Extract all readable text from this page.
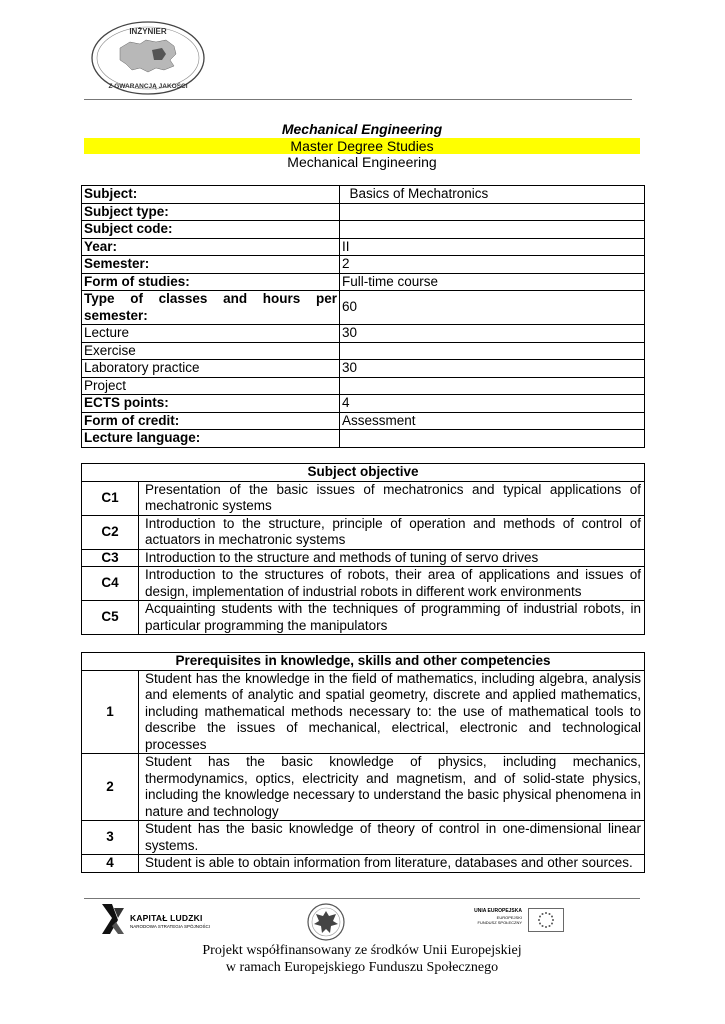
INŻYNIER
Z GWARANCJĄ JAKOŚCI
Mechanical Engineering
Master Degree Studies
Mechanical Engineering
Subject:	Basics of Mechatronics
Subject type:	
Subject code:	
Year:	II
Semester:	2
Form of studies:	Full-time course
Type of classes and hours per semester:	60
Lecture	30
Exercise	
Laboratory practice	30
Project	
ECTS points:	4
Form of credit:	Assessment
Lecture language:	
Subject objective	
C1	Presentation of the basic issues of mechatronics and typical applications of mechatronic systems
C2	Introduction to the structure, principle of operation and methods of control of actuators in mechatronic systems
C3	Introduction to the structure and methods of tuning of servo drives
C4	Introduction to the structures of robots, their area of applications and issues of design, implementation of industrial robots in different work environments
C5	Acquainting students with the techniques of programming of industrial robots, in particular programming the manipulators
Prerequisites in knowledge, skills and other competencies	
1	Student has the knowledge in the field of mathematics, including algebra, analysis and elements of analytic and spatial geometry, discrete and applied mathematics, including mathematical methods necessary to: the use of mathematical tools to describe the issues of mechanical, electrical, electronic and technological processes
2	Student has the basic knowledge of physics, including mechanics, thermodynamics, optics, electricity and magnetism, and of solid-state physics, including the knowledge necessary to understand the basic physical phenomena in nature and technology
3	Student has the basic knowledge of theory of control in one-dimensional linear systems.
4	Student is able to obtain information from literature, databases and other sources.
KAPITAŁ LUDZKI
NARODOWA STRATEGIA SPÓJNOŚCI
UNIA EUROPEJSKA
EUROPEJSKI
FUNDUSZ SPOŁECZNY
Projekt współfinansowany ze środków Unii Europejskiej
w ramach Europejskiego Funduszu Społecznego
